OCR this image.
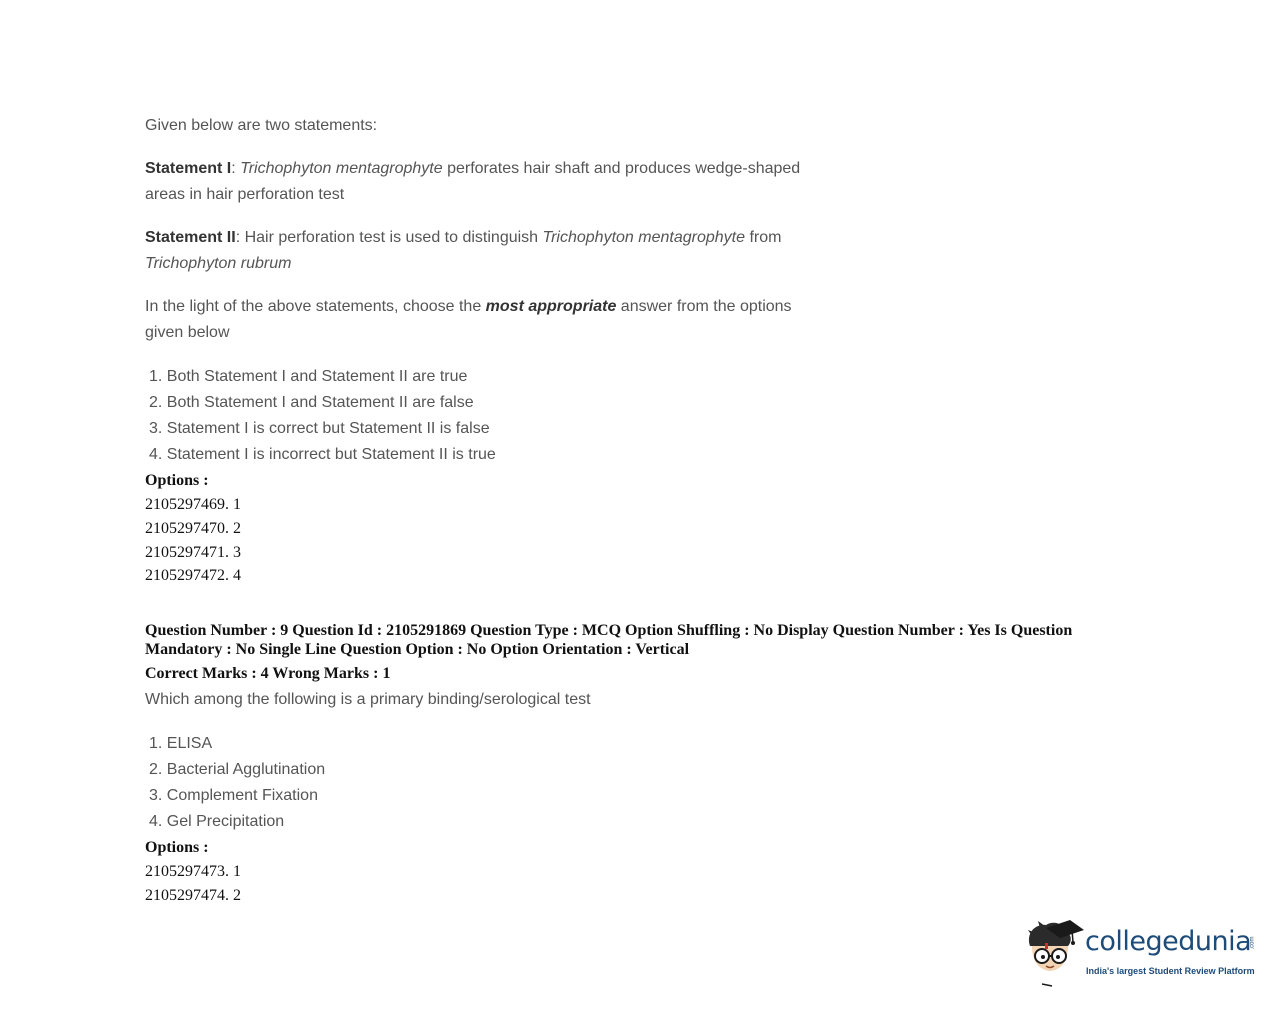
Given below are two statements:
Statement I: Trichophyton mentagrophyte perforates hair shaft and produces wedge-shaped
areas in hair perforation test
Statement II: Hair perforation test is used to distinguish Trichophyton mentagrophyte from
Trichophyton rubrum
In the light of the above statements, choose the most appropriate answer from the options
given below
1. Both Statement I and Statement II are true
2. Both Statement I and Statement II are false
3. Statement I is correct but Statement II is false
4. Statement I is incorrect but Statement II is true
Options :
2105297469. 1
2105297470. 2
2105297471. 3
2105297472. 4
Question Number : 9 Question Id : 2105291869 Question Type : MCQ Option Shuffling : No Display Question Number : Yes Is Question
Mandatory : No Single Line Question Option : No Option Orientation : Vertical
Correct Marks : 4 Wrong Marks : 1
Which among the following is a primary binding/serological test
1. ELISA
2. Bacterial Agglutination
3. Complement Fixation
4. Gel Precipitation
Options :
2105297473. 1
2105297474. 2
collegedunia
.com
India's largest Student Review Platform
